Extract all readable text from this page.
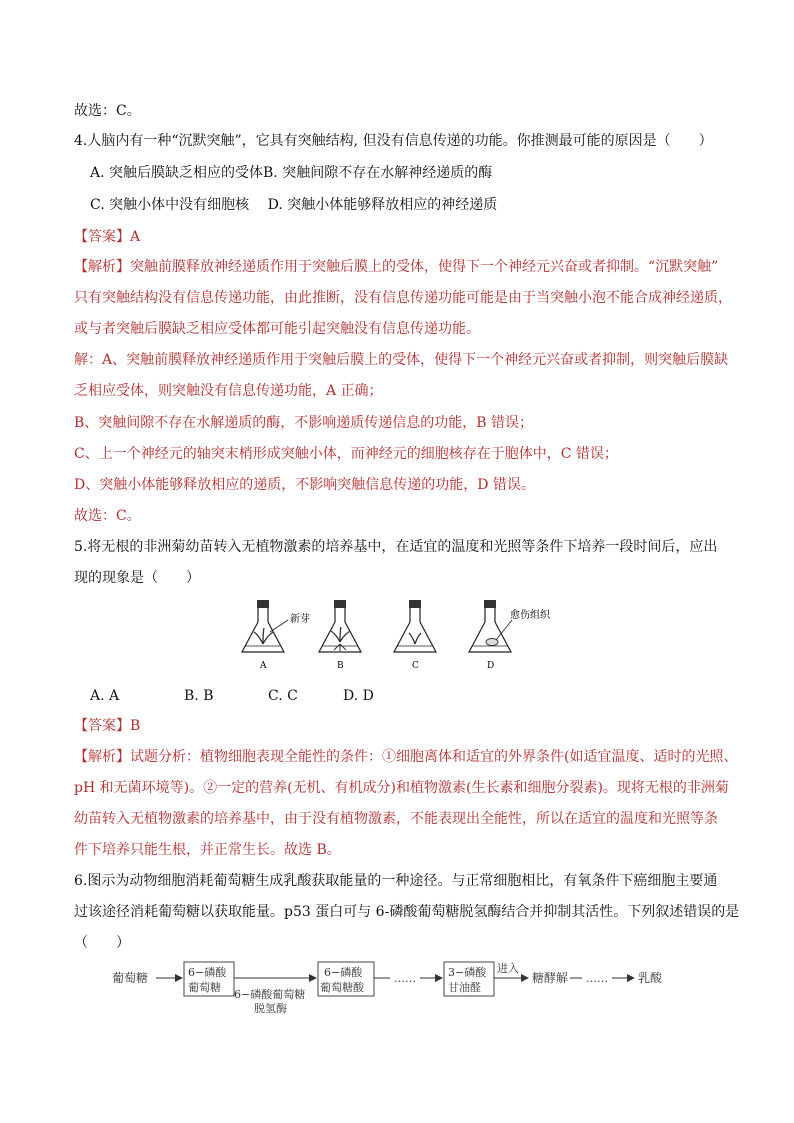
故选：C。
4.人脑内有一种“沉默突触”，它具有突触结构, 但没有信息传递的功能。你推测最可能的原因是（　　）
A. 突触后膜缺乏相应的受体B. 突触间隙不存在水解神经递质的酶
C. 突触小体中没有细胞核　 D. 突触小体能够释放相应的神经递质
【答案】A
【解析】突触前膜释放神经递质作用于突触后膜上的受体，使得下一个神经元兴奋或者抑制。“沉默突触”
只有突触结构没有信息传递功能，由此推断，没有信息传递功能可能是由于当突触小泡不能合成神经递质，
或与者突触后膜缺乏相应受体都可能引起突触没有信息传递功能。
解：A、突触前膜释放神经递质作用于突触后膜上的受体，使得下一个神经元兴奋或者抑制，则突触后膜缺
乏相应受体，则突触没有信息传递功能，A 正确；
B、突触间隙不存在水解递质的酶，不影响递质传递信息的功能，B 错误；
C、上一个神经元的轴突末梢形成突触小体，而神经元的细胞核存在于胞体中，C 错误；
D、突触小体能够释放相应的递质，不影响突触信息传递的功能，D 错误。
故选：C。
5.将无根的非洲菊幼苗转入无植物激素的培养基中，在适宜的温度和光照等条件下培养一段时间后，应出
现的现象是（　　）
新芽
A	B	C
愈伤组织
D
A. A	B. B	C. C	D. D
【答案】B
【解析】试题分析：植物细胞表现全能性的条件：①细胞离体和适宜的外界条件(如适宜温度、适时的光照、
pH 和无菌环境等)。②一定的营养(无机、有机成分)和植物激素(生长素和细胞分裂素)。现将无根的非洲菊
幼苗转入无植物激素的培养基中，由于没有植物激素，不能表现出全能性，所以在适宜的温度和光照等条
件下培养只能生根，并正常生长。故选 B。
6.图示为动物细胞消耗葡萄糖生成乳酸获取能量的一种途径。与正常细胞相比，有氧条件下癌细胞主要通
过该途径消耗葡萄糖以获取能量。p53 蛋白可与 6-磷酸葡萄糖脱氢酶结合并抑制其活性。下列叙述错误的是
（　　）
葡萄糖	6−磷酸
葡萄糖
6−磷酸葡萄糖
脱氢酶
6−磷酸
葡萄糖酸
……	3−磷酸
甘油醛
进入
糖酵解 ……	乳酸
